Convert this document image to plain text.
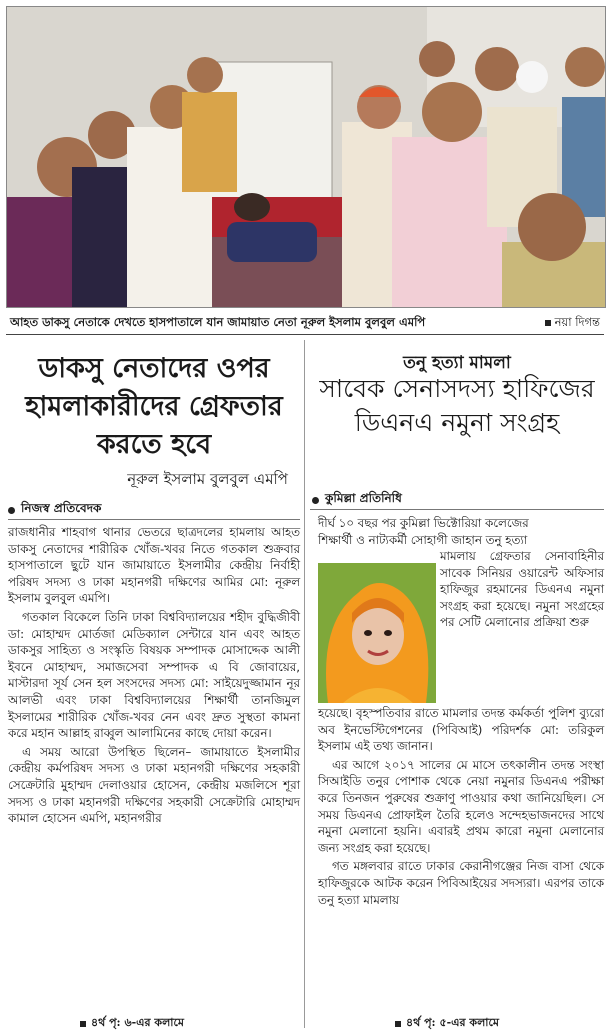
আহত ডাকসু নেতাকে দেখতে হাসপাতালে যান জামায়াত নেতা নূরুল ইসলাম বুলবুল এমপি	নয়া দিগন্ত
ডাকসু নেতাদের ওপর হামলাকারীদের গ্রেফতার করতে হবে
নূরুল ইসলাম বুলবুল এমপি
নিজস্ব প্রতিবেদক

রাজধানীর শাহবাগ থানার ভেতরে ছাত্রদলের হামলায় আহত ডাকসু নেতাদের শারীরিক খোঁজ-খবর নিতে গতকাল শুক্রবার হাসপাতালে ছুটে যান জামায়াতে ইসলামীর কেন্দ্রীয় নির্বাহী পরিষদ সদস্য ও ঢাকা মহানগরী দক্ষিণের আমির মো: নূরুল ইসলাম বুলবুল এমপি।

গতকাল বিকেলে তিনি ঢাকা বিশ্ববিদ্যালয়ের শহীদ বুদ্ধিজীবী ডা: মোহাম্মদ মোর্তজা মেডিক্যাল সেন্টারে যান এবং আহত ডাকসুর সাহিত্য ও সংস্কৃতি বিষয়ক সম্পাদক মোসাদ্দেক আলী ইবনে মোহাম্মদ, সমাজসেবা সম্পাদক এ বি জোবায়ের, মাস্টারদা সূর্য সেন হল সংসদের সদস্য মো: সাইয়েদুজ্জামান নূর আলভী এবং ঢাকা বিশ্ববিদ্যালয়ের শিক্ষার্থী তানজিমুল ইসলামের শারীরিক খোঁজ-খবর নেন এবং দ্রুত সুস্থতা কামনা করে মহান আল্লাহ রাব্বুল আলামিনের কাছে দোয়া করেন।

এ সময় আরো উপস্থিত ছিলেন– জামায়াতে ইসলামীর কেন্দ্রীয় কর্মপরিষদ সদস্য ও ঢাকা মহানগরী দক্ষিণের সহকারী সেক্রেটারি মুহাম্মদ দেলাওয়ার হোসেন, কেন্দ্রীয় মজলিসে শূরা সদস্য ও ঢাকা মহানগরী দক্ষিণের সহকারী সেক্রেটারি মোহাম্মদ কামাল হোসেন এমপি, মহানগরীর

৪র্থ পৃ: ৬-এর কলামে
তনু হত্যা মামলা
সাবেক সেনাসদস্য হাফিজের ডিএনএ নমুনা সংগ্রহ
কুমিল্লা প্রতিনিধি
দীর্ঘ ১০ বছর পর কুমিল্লা ভিক্টোরিয়া কলেজের
শিক্ষার্থী ও নাট্যকর্মী সোহাগী জাহান তনু হত্যা
মামলায় গ্রেফতার সেনাবাহিনীর সাবেক সিনিয়র ওয়ারেন্ট অফিসার হাফিজুর রহমানের ডিএনএ নমুনা সংগ্রহ করা হয়েছে। নমুনা সংগ্রহের পর সেটি মেলানোর প্রক্রিয়া শুরু

হয়েছে। বৃহস্পতিবার রাতে মামলার তদন্ত কর্মকর্তা পুলিশ ব্যুরো অব ইনভেস্টিগেশনের (পিবিআই) পরিদর্শক মো: তরিকুল ইসলাম এই তথ্য জানান।

এর আগে ২০১৭ সালের মে মাসে তৎকালীন তদন্ত সংস্থা সিআইডি তনুর পোশাক থেকে নেয়া নমুনার ডিএনএ পরীক্ষা করে তিনজন পুরুষের শুক্রাণু পাওয়ার কথা জানিয়েছিল। সে সময় ডিএনএ প্রোফাইল তৈরি হলেও সন্দেহভাজনদের সাথে নমুনা মেলানো হয়নি। এবারই প্রথম কারো নমুনা মেলানোর জন্য সংগ্রহ করা হয়েছে।

গত মঙ্গলবার রাতে ঢাকার কেরানীগঞ্জের নিজ বাসা থেকে হাফিজুরকে আটক করেন পিবিআইয়ের সদস্যরা। এরপর তাকে তনু হত্যা মামলায়

৪র্থ পৃ: ৫-এর কলামে
